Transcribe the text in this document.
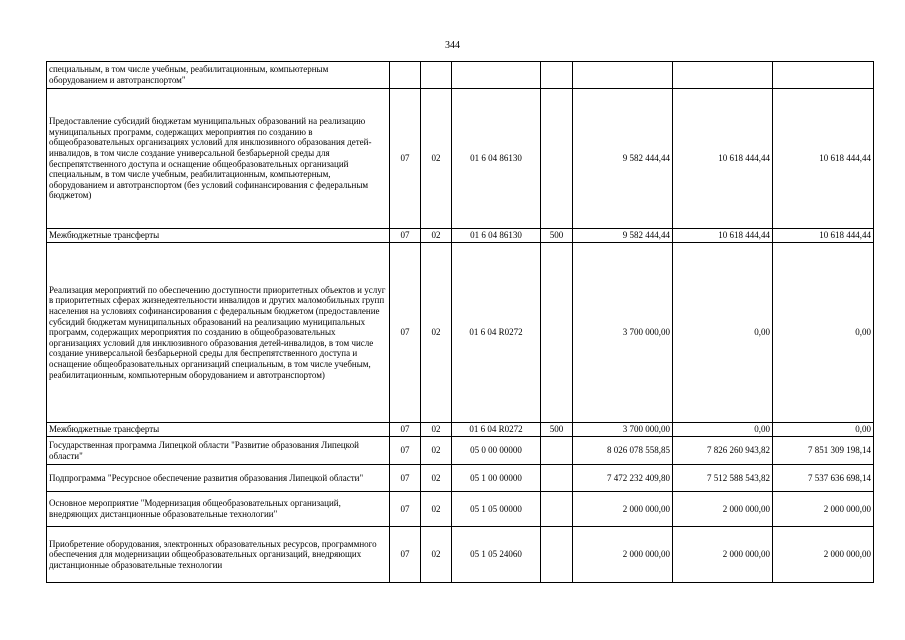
344
специальным, в том числе учебным, реабилитационным, компьютерным оборудованием и автотранспортом"							
Предоставление субсидий бюджетам муниципальных образований на реализацию муниципальных программ, содержащих мероприятия по созданию в общеобразовательных организациях условий для инклюзивного образования детей-инвалидов, в том числе создание универсальной безбарьерной среды для беспрепятственного доступа и оснащение общеобразовательных организаций специальным, в том числе учебным, реабилитационным, компьютерным, оборудованием и автотранспортом (без условий софинансирования с федеральным бюджетом)	07	02	01 6 04 86130		9 582 444,44	10 618 444,44	10 618 444,44
Межбюджетные трансферты	07	02	01 6 04 86130	500	9 582 444,44	10 618 444,44	10 618 444,44
Реализация мероприятий по обеспечению доступности приоритетных объектов и услуг в приоритетных сферах жизнедеятельности инвалидов и других маломобильных групп населения на условиях софинансирования с федеральным бюджетом (предоставление субсидий бюджетам муниципальных образований на реализацию муниципальных программ, содержащих мероприятия по созданию в общеобразовательных организациях условий для инклюзивного образования детей-инвалидов, в том числе создание универсальной безбарьерной среды для беспрепятственного доступа и оснащение общеобразовательных организаций специальным, в том числе учебным, реабилитационным, компьютерным оборудованием и автотранспортом)	07	02	01 6 04 R0272		3 700 000,00	0,00	0,00
Межбюджетные трансферты	07	02	01 6 04 R0272	500	3 700 000,00	0,00	0,00
Государственная программа Липецкой области "Развитие образования Липецкой области"	07	02	05 0 00 00000		8 026 078 558,85	7 826 260 943,82	7 851 309 198,14
Подпрограмма "Ресурсное обеспечение развития образования Липецкой области"	07	02	05 1 00 00000		7 472 232 409,80	7 512 588 543,82	7 537 636 698,14
Основное мероприятие "Модернизация общеобразовательных организаций, внедряющих дистанционные образовательные технологии"	07	02	05 1 05 00000		2 000 000,00	2 000 000,00	2 000 000,00
Приобретение оборудования, электронных образовательных ресурсов, программного обеспечения для модернизации общеобразовательных организаций, внедряющих дистанционные образовательные технологии	07	02	05 1 05 24060		2 000 000,00	2 000 000,00	2 000 000,00
